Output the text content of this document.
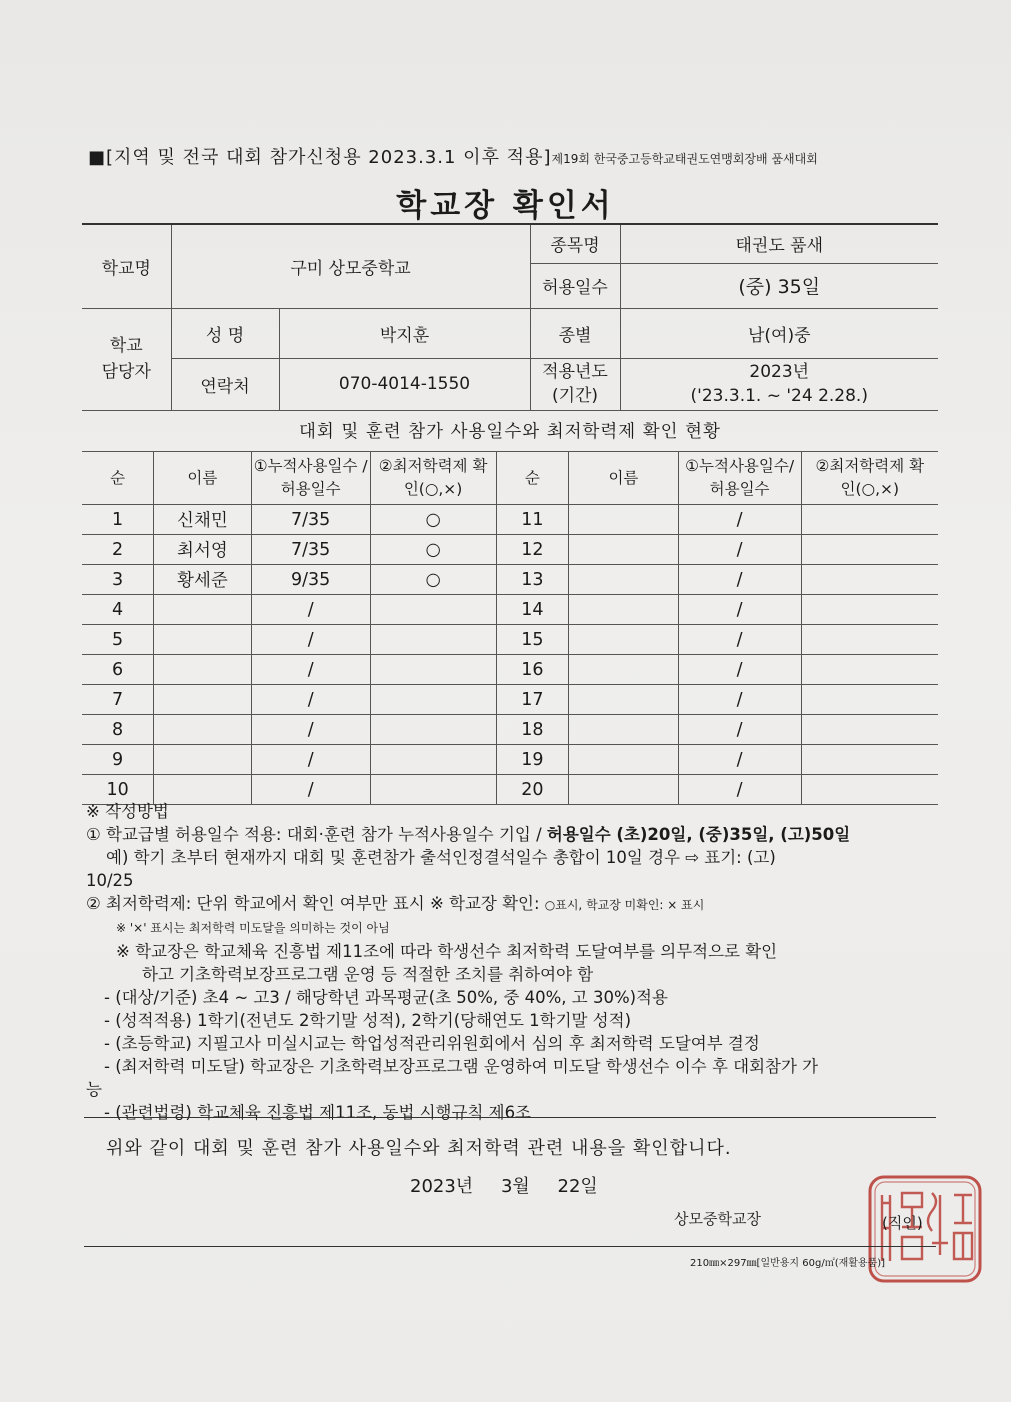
■[지역 및 전국 대회 참가신청용 2023.3.1 이후 적용]제19회 한국중고등학교태권도연맹회장배 품새대회
학교장 확인서
학교명	구미 상모중학교		종목명	태권도 품새
			허용일수	(중) 35일
학교 담당자	성 명	박지훈	종별	남(여)중
	연락처	070-4014-1550	적용년도 (기간)	2023년
('23.3.1. ~ '24 2.28.)
대회 및 훈련 참가 사용일수와 최저학력제 확인 현황
순	이름	①누적사용일수 /허용일수	②최저학력제 확인(○,×)	순	이름	①누적사용일수/ 허용일수	②최저학력제 확인(○,×)
1	신채민	7/35	○	11		/	
2	최서영	7/35	○	12		/	
3	황세준	9/35	○	13		/	
4		/		14		/	
5		/		15		/	
6		/		16		/	
7		/		17		/	
8		/		18		/	
9		/		19		/	
10		/		20		/	
※ 작성방법
① 학교급별 허용일수 적용: 대회·훈련 참가 누적사용일수 기입 / 허용일수 (초)20일, (중)35일, (고)50일
예) 학기 초부터 현재까지 대회 및 훈련참가 출석인정결석일수 총합이 10일 경우 ⇨ 표기: (고)
10/25
② 최저학력제: 단위 학교에서 확인 여부만 표시 ※ 학교장 확인: ○표시, 학교장 미확인: × 표시
※ '×' 표시는 최저학력 미도달을 의미하는 것이 아님
※ 학교장은 학교체육 진흥법 제11조에 따라 학생선수 최저학력 도달여부를 의무적으로 확인
하고 기초학력보장프로그램 운영 등 적절한 조치를 취하여야 함
- (대상/기준) 초4 ~ 고3 / 해당학년 과목평균(초 50%, 중 40%, 고 30%)적용
- (성적적용) 1학기(전년도 2학기말 성적), 2학기(당해연도 1학기말 성적)
- (초등학교) 지필고사 미실시교는 학업성적관리위원회에서 심의 후 최저학력 도달여부 결정
- (최저학력 미도달) 학교장은 기초학력보장프로그램 운영하여 미도달 학생선수 이수 후 대회참가 가
능
- (관련법령) 학교체육 진흥법 제11조, 동법 시행규칙 제6조
위와 같이 대회 및 훈련 참가 사용일수와 최저학력 관련 내용을 확인합니다.
2023년 3월 22일
상모중학교장	(직인)
210㎜×297㎜[일반용지 60g/㎡(재활용품)]
